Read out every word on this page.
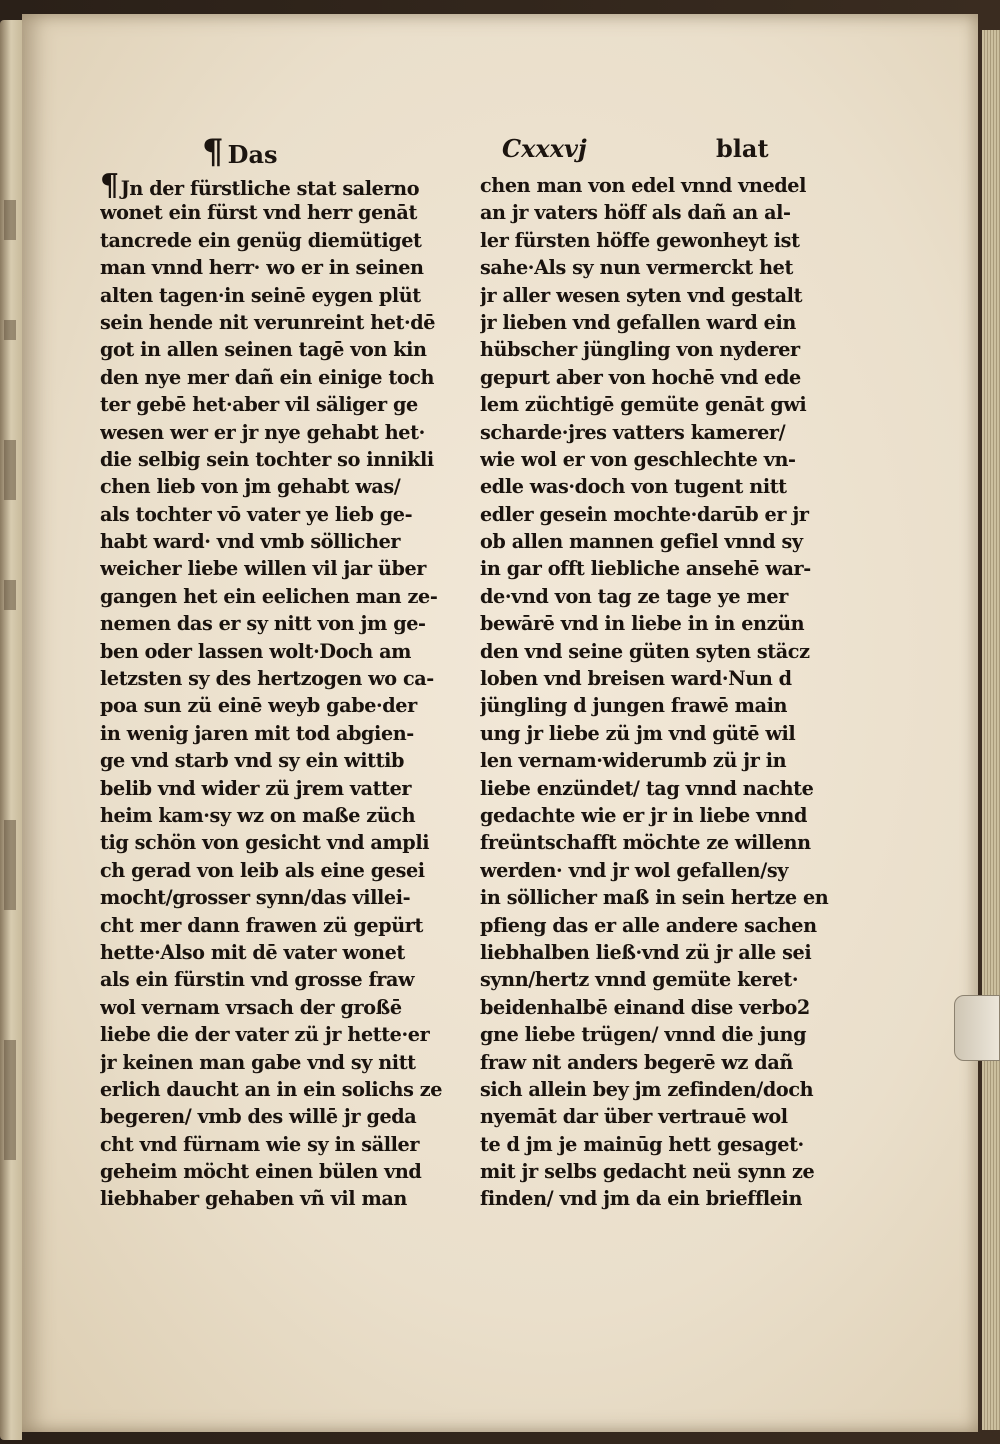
¶ Das	Cxxxvj	blat
¶ Jn der fürstliche stat salerno
wonet ein fürst vnd herr genāt
tancrede ein genüg diemütiget
man vnnd herr· wo er in seinen
alten tagen·in seinē eygen plüt
sein hende nit verunreint het·dē
got in allen seinen tagē von kin
den nye mer dañ ein einige toch
ter gebē het·aber vil säliger ge
wesen wer er jr nye gehabt het·
die selbig sein tochter so innikli
chen lieb von jm gehabt was/
als tochter vō vater ye lieb ge-
habt ward· vnd vmb söllicher
weicher liebe willen vil jar über
gangen het ein eelichen man ze-
nemen das er sy nitt von jm ge-
ben oder lassen wolt·Doch am
letzsten sy des hertzogen wo ca-
poa sun zü einē weyb gabe·der
in wenig jaren mit tod abgien-
ge vnd starb vnd sy ein wittib
belib vnd wider zü jrem vatter
heim kam·sy wz on maße züch
tig schön von gesicht vnd ampli
ch gerad von leib als eine gesei
mocht/grosser synn/das villei-
cht mer dann frawen zü gepürt
hette·Also mit dē vater wonet
als ein fürstin vnd grosse fraw
wol vernam vrsach der großē
liebe die der vater zü jr hette·er
jr keinen man gabe vnd sy nitt
erlich daucht an in ein solichs ze
begeren/ vmb des willē jr geda
cht vnd fürnam wie sy in säller
geheim möcht einen bülen vnd
liebhaber gehaben vñ vil man
chen man von edel vnnd vnedel
an jr vaters höff als dañ an al-
ler fürsten höffe gewonheyt ist
sahe·Als sy nun vermerckt het
jr aller wesen syten vnd gestalt
jr lieben vnd gefallen ward ein
hübscher jüngling von nyderer
gepurt aber von hochē vnd ede
lem züchtigē gemüte genāt gwi
scharde·jres vatters kamerer/
wie wol er von geschlechte vn-
edle was·doch von tugent nitt
edler gesein mochte·darūb er jr
ob allen mannen gefiel vnnd sy
in gar offt liebliche ansehē war-
de·vnd von tag ze tage ye mer
bewārē vnd in liebe in in enzün
den vnd seine güten syten stäcz
loben vnd breisen ward·Nun d
jüngling d jungen frawē main
ung jr liebe zü jm vnd gütē wil
len vernam·widerumb zü jr in
liebe enzündet/ tag vnnd nachte
gedachte wie er jr in liebe vnnd
freüntschafft möchte ze willenn
werden· vnd jr wol gefallen/sy
in söllicher maß in sein hertze en
pfieng das er alle andere sachen
liebhalben ließ·vnd zü jr alle sei
synn/hertz vnnd gemüte keret·
beidenhalbē einand dise verbo2
gne liebe trügen/ vnnd die jung
fraw nit anders begerē wz dañ
sich allein bey jm zefinden/doch
nyemāt dar über vertrauē wol
te d jm je mainūg hett gesaget·
mit jr selbs gedacht neü synn ze
finden/ vnd jm da ein briefflein
